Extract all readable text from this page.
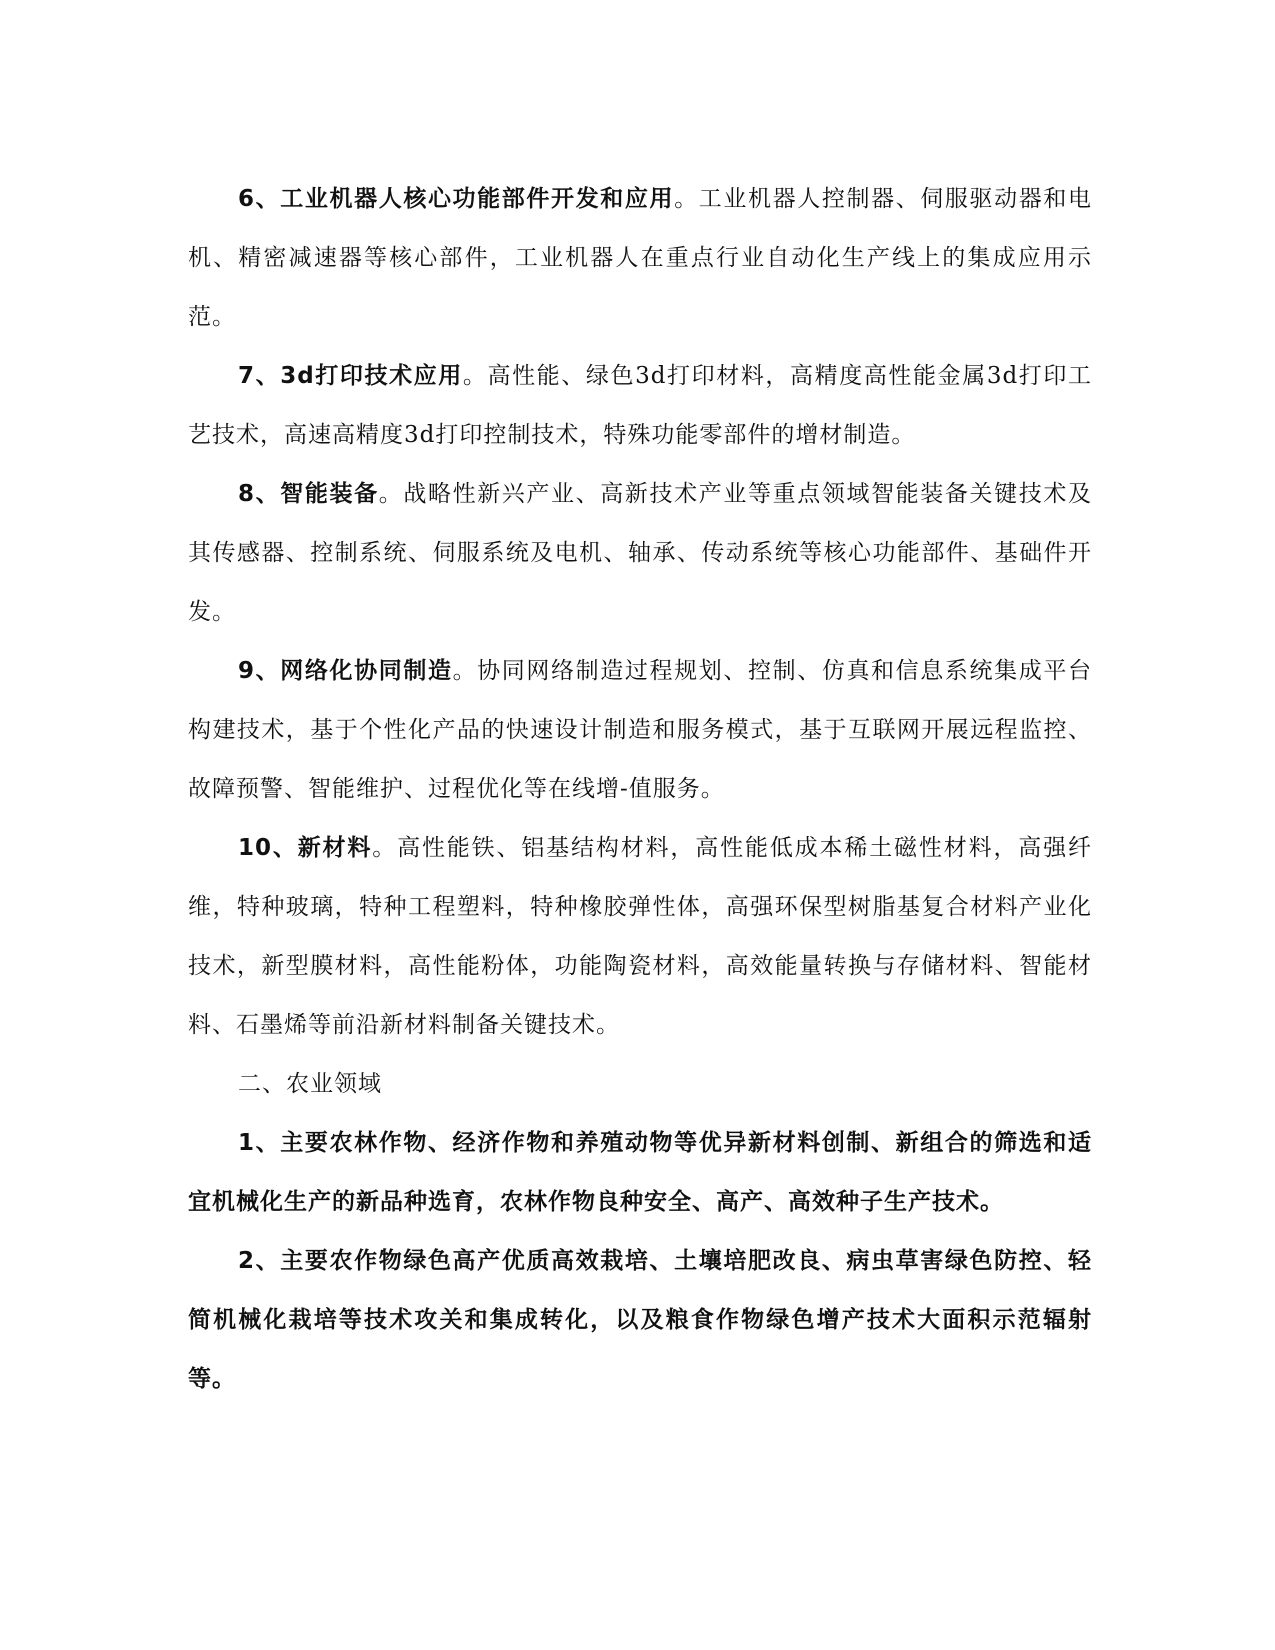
6、工业机器人核心功能部件开发和应用。工业机器人控制器、伺服驱动器和电机、精密减速器等核心部件，工业机器人在重点行业自动化生产线上的集成应用示范。

7、3d打印技术应用。高性能、绿色3d打印材料，高精度高性能金属3d打印工艺技术，高速高精度3d打印控制技术，特殊功能零部件的增材制造。

8、智能装备。战略性新兴产业、高新技术产业等重点领域智能装备关键技术及其传感器、控制系统、伺服系统及电机、轴承、传动系统等核心功能部件、基础件开发。

9、网络化协同制造。协同网络制造过程规划、控制、仿真和信息系统集成平台构建技术，基于个性化产品的快速设计制造和服务模式，基于互联网开展远程监控、故障预警、智能维护、过程优化等在线增-值服务。

10、新材料。高性能铁、铝基结构材料，高性能低成本稀土磁性材料，高强纤维，特种玻璃，特种工程塑料，特种橡胶弹性体，高强环保型树脂基复合材料产业化技术，新型膜材料，高性能粉体，功能陶瓷材料，高效能量转换与存储材料、智能材料、石墨烯等前沿新材料制备关键技术。

二、农业领域

1、主要农林作物、经济作物和养殖动物等优异新材料创制、新组合的筛选和适宜机械化生产的新品种选育，农林作物良种安全、高产、高效种子生产技术。

2、主要农作物绿色高产优质高效栽培、土壤培肥改良、病虫草害绿色防控、轻简机械化栽培等技术攻关和集成转化，以及粮食作物绿色增产技术大面积示范辐射等。
